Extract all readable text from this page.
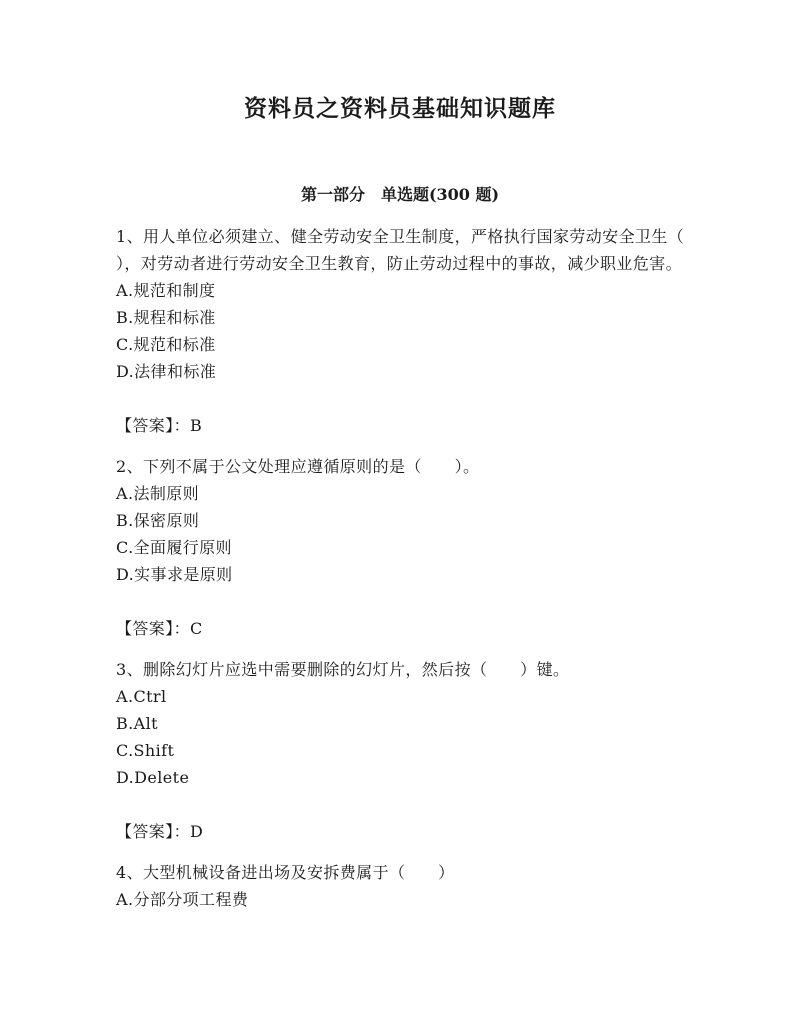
资料员之资料员基础知识题库
第一部分　单选题(300 题)

1、用人单位必须建立、健全劳动安全卫生制度，严格执行国家劳动安全卫生（　　），对劳动者进行劳动安全卫生教育，防止劳动过程中的事故，减少职业危害。

A.规范和制度

B.规程和标准

C.规范和标准

D.法律和标准

【答案】：B

2、下列不属于公文处理应遵循原则的是（　　）。

A.法制原则

B.保密原则

C.全面履行原则

D.实事求是原则

【答案】：C

3、删除幻灯片应选中需要删除的幻灯片，然后按（　　）键。

A.Ctrl

B.Alt

C.Shift

D.Delete

【答案】：D

4、大型机械设备进出场及安拆费属于（　　）

A.分部分项工程费
